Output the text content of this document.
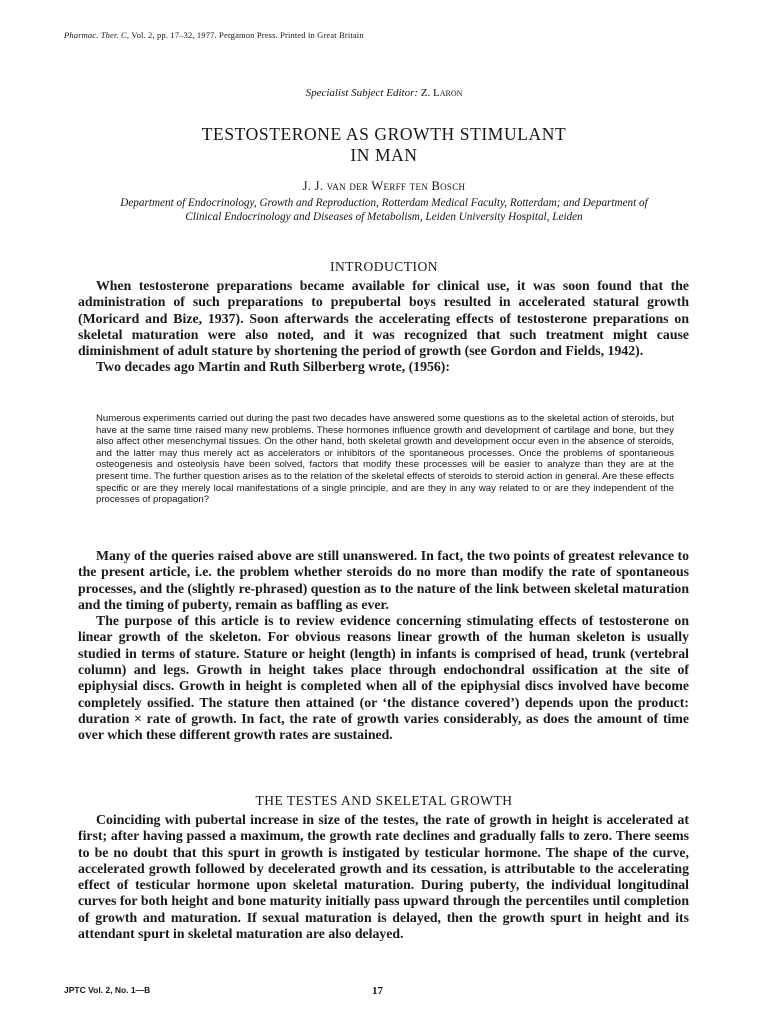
Pharmac. Ther. C, Vol. 2, pp. 17–32, 1977. Pergamon Press. Printed in Great Britain
Specialist Subject Editor: Z. Laron
TESTOSTERONE AS GROWTH STIMULANT
IN MAN
J. J. van der Werff ten Bosch
Department of Endocrinology, Growth and Reproduction, Rotterdam Medical Faculty, Rotterdam; and Department of Clinical Endocrinology and Diseases of Metabolism, Leiden University Hospital, Leiden
INTRODUCTION

When testosterone preparations became available for clinical use, it was soon found that the administration of such preparations to prepubertal boys resulted in accelerated statural growth (Moricard and Bize, 1937). Soon afterwards the accelerating effects of testosterone preparations on skeletal maturation were also noted, and it was recognized that such treatment might cause diminishment of adult stature by shortening the period of growth (see Gordon and Fields, 1942).

Two decades ago Martin and Ruth Silberberg wrote, (1956):

Numerous experiments carried out during the past two decades have answered some questions as to the skeletal action of steroids, but have at the same time raised many new problems. These hormones influence growth and development of cartilage and bone, but they also affect other mesenchymal tissues. On the other hand, both skeletal growth and development occur even in the absence of steroids, and the latter may thus merely act as accelerators or inhibitors of the spontaneous processes. Once the problems of spontaneous osteogenesis and osteolysis have been solved, factors that modify these processes will be easier to analyze than they are at the present time. The further question arises as to the relation of the skeletal effects of steroids to steroid action in general. Are these effects specific or are they merely local manifestations of a single principle, and are they in any way related to or are they independent of the processes of propagation?

Many of the queries raised above are still unanswered. In fact, the two points of greatest relevance to the present article, i.e. the problem whether steroids do no more than modify the rate of spontaneous processes, and the (slightly re-phrased) question as to the nature of the link between skeletal maturation and the timing of puberty, remain as baffling as ever.

The purpose of this article is to review evidence concerning stimulating effects of testosterone on linear growth of the skeleton. For obvious reasons linear growth of the human skeleton is usually studied in terms of stature. Stature or height (length) in infants is comprised of head, trunk (vertebral column) and legs. Growth in height takes place through endochondral ossification at the site of epiphysial discs. Growth in height is completed when all of the epiphysial discs involved have become completely ossified. The stature then attained (or ‘the distance covered’) depends upon the product: duration × rate of growth. In fact, the rate of growth varies considerably, as does the amount of time over which these different growth rates are sustained.

THE TESTES AND SKELETAL GROWTH

Coinciding with pubertal increase in size of the testes, the rate of growth in height is accelerated at first; after having passed a maximum, the growth rate declines and gradually falls to zero. There seems to be no doubt that this spurt in growth is instigated by testicular hormone. The shape of the curve, accelerated growth followed by decelerated growth and its cessation, is attributable to the accelerating effect of testicular hormone upon skeletal maturation. During puberty, the individual longitudinal curves for both height and bone maturity initially pass upward through the percentiles until completion of growth and maturation. If sexual maturation is delayed, then the growth spurt in height and its attendant spurt in skeletal maturation are also delayed.

JPTC Vol. 2, No. 1—B	17
